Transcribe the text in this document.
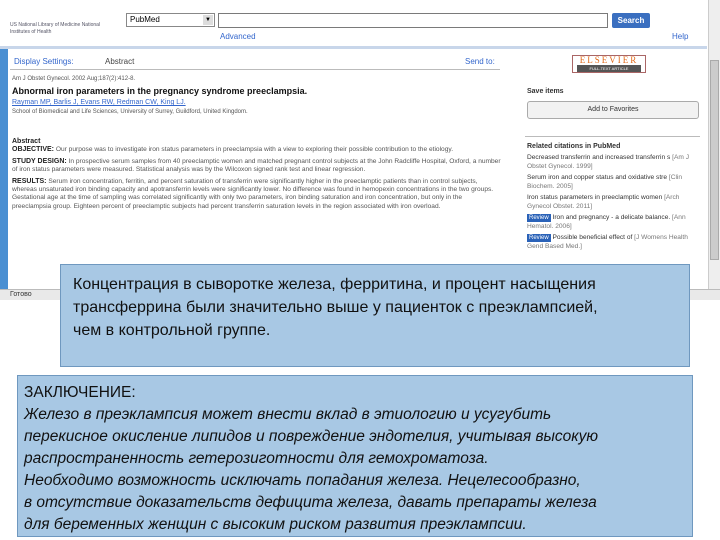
US National Library of Medicine National Institutes of Health
PubMed	▼	Search
Advanced	Help
Display Settings:	Abstract	Send to:	ELSEVIER
FULL-TEXT ARTICLE
Am J Obstet Gynecol. 2002 Aug;187(2):412-8.
Abnormal iron parameters in the pregnancy syndrome preeclampsia.
Rayman MP, Barlis J, Evans RW, Redman CW, King LJ.
School of Biomedical and Life Sciences, University of Surrey, Guildford, United Kingdom.
Abstract

OBJECTIVE: Our purpose was to investigate iron status parameters in preeclampsia with a view to exploring their possible contribution to the etiology.

STUDY DESIGN: In prospective serum samples from 40 preeclamptic women and matched pregnant control subjects at the John Radcliffe Hospital, Oxford, a number of iron status parameters were measured. Statistical analysis was by the Wilcoxon signed rank test and linear regression.

RESULTS: Serum iron concentration, ferritin, and percent saturation of transferrin were significantly higher in the preeclamptic patients than in control subjects, whereas unsaturated iron binding capacity and apotransferrin levels were significantly lower. No difference was found in hemopexin concentrations in the two groups. Gestational age at the time of sampling was correlated significantly with only two parameters, iron binding saturation and iron concentration, but only in the preeclampsia group. Eighteen percent of preeclamptic subjects had percent transferrin saturation levels in the region associated with iron overload.

Save items
Add to Favorites
Related citations in PubMed
Decreased transferrin and increased transferrin s [Am J Obstet Gynecol. 1999]
Serum iron and copper status and oxidative stre [Clin Biochem. 2005]
Iron status parameters in preeclamptic women [Arch Gynecol Obstet. 2011]
Review Iron and pregnancy - a delicate balance. [Ann Hematol. 2006]
Review Possible beneficial effect of [J Womens Health Gend Based Med.]
Готово
Концентрация в сыворотке железа, ферритина, и процент насыщения
трансферрина были значительно выше у пациенток с преэклампсией,
чем в контрольной группе.
ЗАКЛЮЧЕНИЕ:
Железо в преэклампсия может внести вклад в этиологию и усугубить
перекисное окисление липидов и повреждение эндотелия, учитывая высокую
распространенность гетерозиготности для гемохроматоза.
Необходимо возможность исключать попадания железа. Нецелесообразно,
в отсутствие доказательств дефицита железа, давать препараты железа
для беременных женщин с высоким риском развития преэклампсии.
